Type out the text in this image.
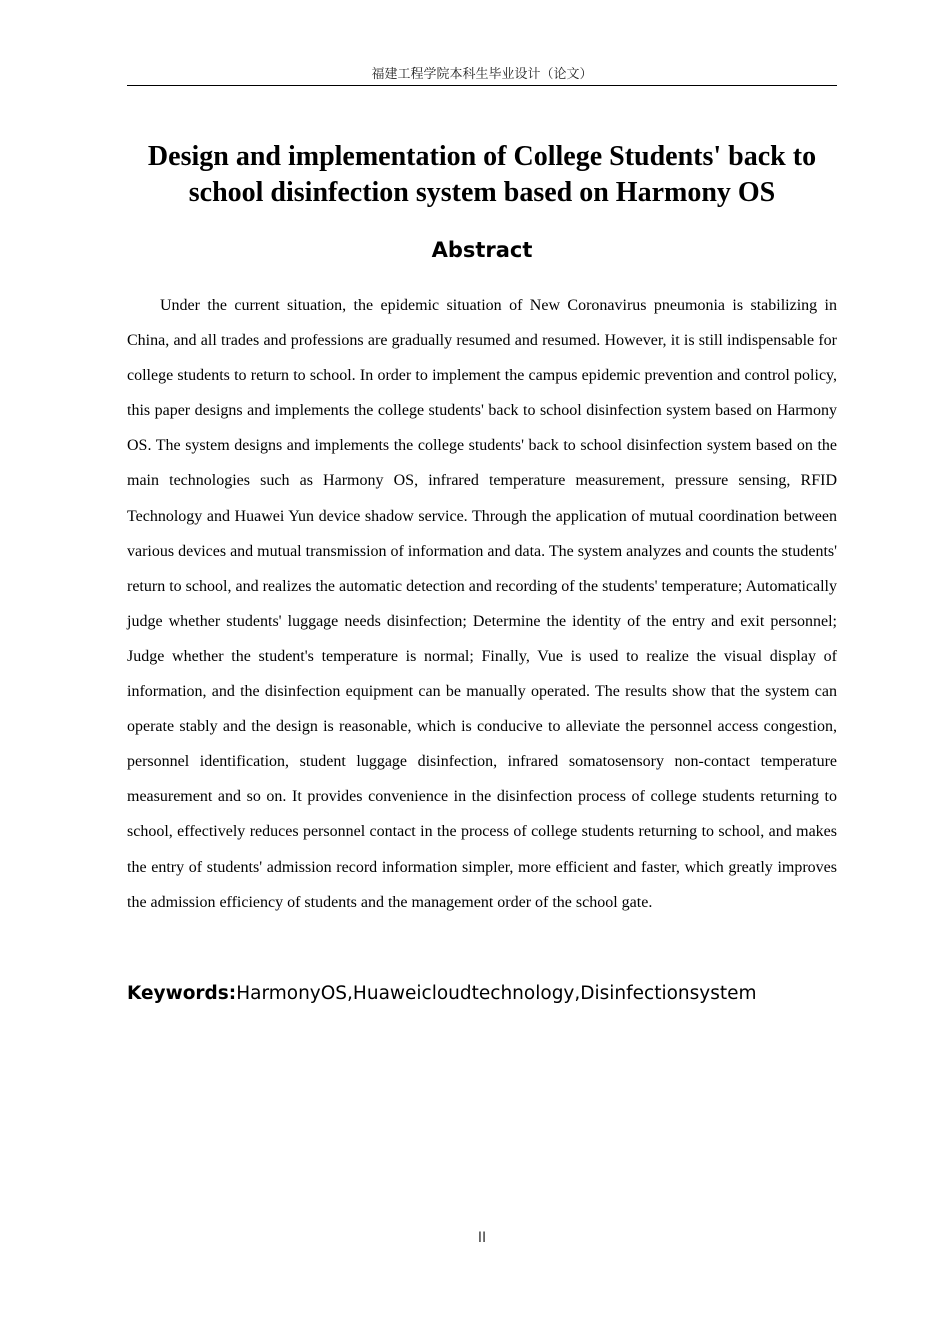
福建工程学院本科生毕业设计（论文）
Design and implementation of College Students' back to school disinfection system based on Harmony OS
Abstract

Under the current situation, the epidemic situation of New Coronavirus pneumonia is stabilizing in China, and all trades and professions are gradually resumed and resumed. However, it is still indispensable for college students to return to school. In order to implement the campus epidemic prevention and control policy, this paper designs and implements the college students' back to school disinfection system based on Harmony OS. The system designs and implements the college students' back to school disinfection system based on the main technologies such as Harmony OS, infrared temperature measurement, pressure sensing, RFID Technology and Huawei Yun device shadow service. Through the application of mutual coordination between various devices and mutual transmission of information and data. The system analyzes and counts the students' return to school, and realizes the automatic detection and recording of the students' temperature; Automatically judge whether students' luggage needs disinfection; Determine the identity of the entry and exit personnel; Judge whether the student's temperature is normal; Finally, Vue is used to realize the visual display of information, and the disinfection equipment can be manually operated. The results show that the system can operate stably and the design is reasonable, which is conducive to alleviate the personnel access congestion, personnel identification, student luggage disinfection, infrared somatosensory non-contact temperature measurement and so on. It provides convenience in the disinfection process of college students returning to school, effectively reduces personnel contact in the process of college students returning to school, and makes the entry of students' admission record information simpler, more efficient and faster, which greatly improves the admission efficiency of students and the management order of the school gate.

Keywords:HarmonyOS,Huaweicloudtechnology,Disinfectionsystem

II
